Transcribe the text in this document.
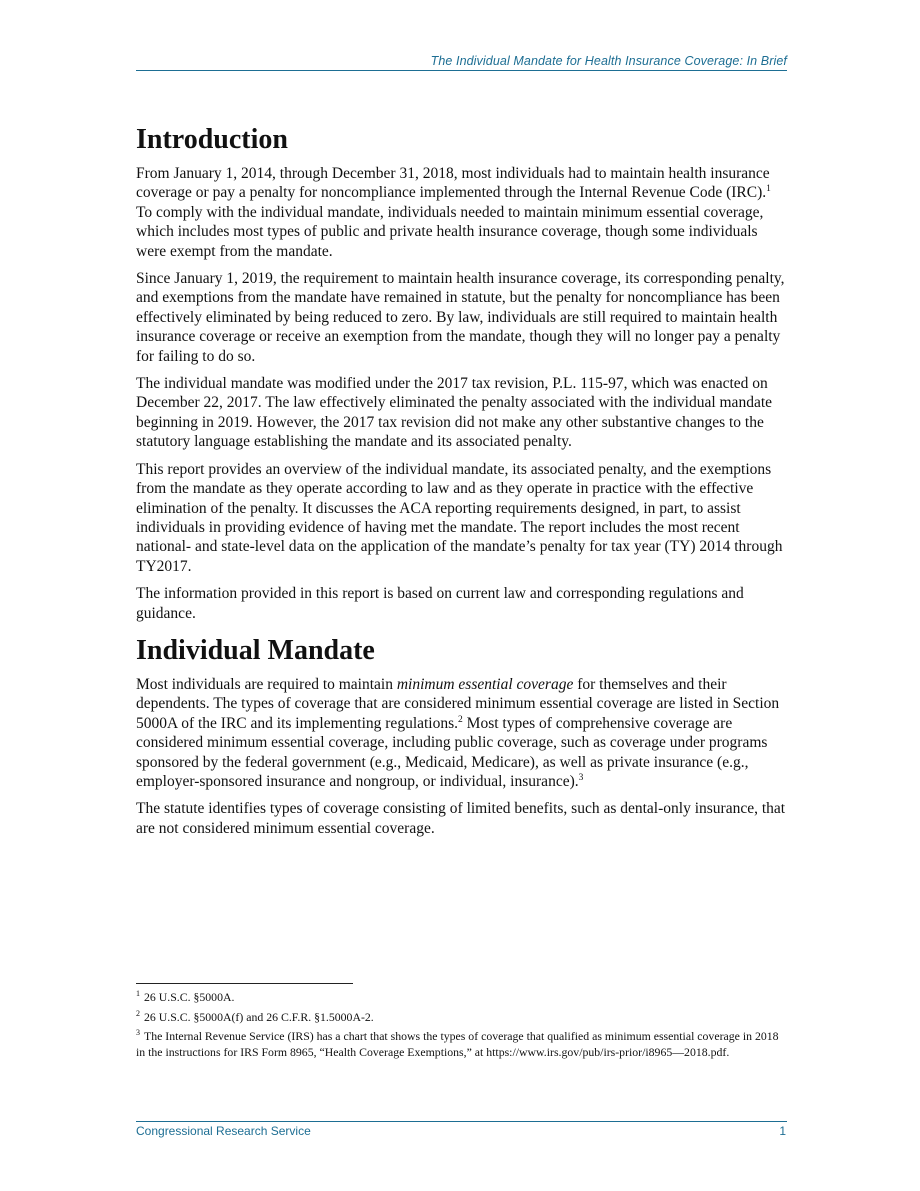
The Individual Mandate for Health Insurance Coverage: In Brief
Introduction

From January 1, 2014, through December 31, 2018, most individuals had to maintain health insurance coverage or pay a penalty for noncompliance implemented through the Internal Revenue Code (IRC).$^1$ To comply with the individual mandate, individuals needed to maintain minimum essential coverage, which includes most types of public and private health insurance coverage, though some individuals were exempt from the mandate.

Since January 1, 2019, the requirement to maintain health insurance coverage, its corresponding penalty, and exemptions from the mandate have remained in statute, but the penalty for noncompliance has been effectively eliminated by being reduced to zero. By law, individuals are still required to maintain health insurance coverage or receive an exemption from the mandate, though they will no longer pay a penalty for failing to do so.

The individual mandate was modified under the 2017 tax revision, P.L. 115-97, which was enacted on December 22, 2017. The law effectively eliminated the penalty associated with the individual mandate beginning in 2019. However, the 2017 tax revision did not make any other substantive changes to the statutory language establishing the mandate and its associated penalty.

This report provides an overview of the individual mandate, its associated penalty, and the exemptions from the mandate as they operate according to law and as they operate in practice with the effective elimination of the penalty. It discusses the ACA reporting requirements designed, in part, to assist individuals in providing evidence of having met the mandate. The report includes the most recent national- and state-level data on the application of the mandate’s penalty for tax year (TY) 2014 through TY2017.

The information provided in this report is based on current law and corresponding regulations and guidance.

Individual Mandate

Most individuals are required to maintain minimum essential coverage for themselves and their dependents. The types of coverage that are considered minimum essential coverage are listed in Section 5000A of the IRC and its implementing regulations.$^2$ Most types of comprehensive coverage are considered minimum essential coverage, including public coverage, such as coverage under programs sponsored by the federal government (e.g., Medicaid, Medicare), as well as private insurance (e.g., employer-sponsored insurance and nongroup, or individual, insurance).$^3$

The statute identifies types of coverage consisting of limited benefits, such as dental-only insurance, that are not considered minimum essential coverage.

$^1$ 26 U.S.C. §5000A.
$^2$ 26 U.S.C. §5000A(f) and 26 C.F.R. §1.5000A-2.
$^3$ The Internal Revenue Service (IRS) has a chart that shows the types of coverage that qualified as minimum essential coverage in 2018 in the instructions for IRS Form 8965, “Health Coverage Exemptions,” at https://www.irs.gov/pub/irs-prior/i8965—2018.pdf.
Congressional Research Service	1
